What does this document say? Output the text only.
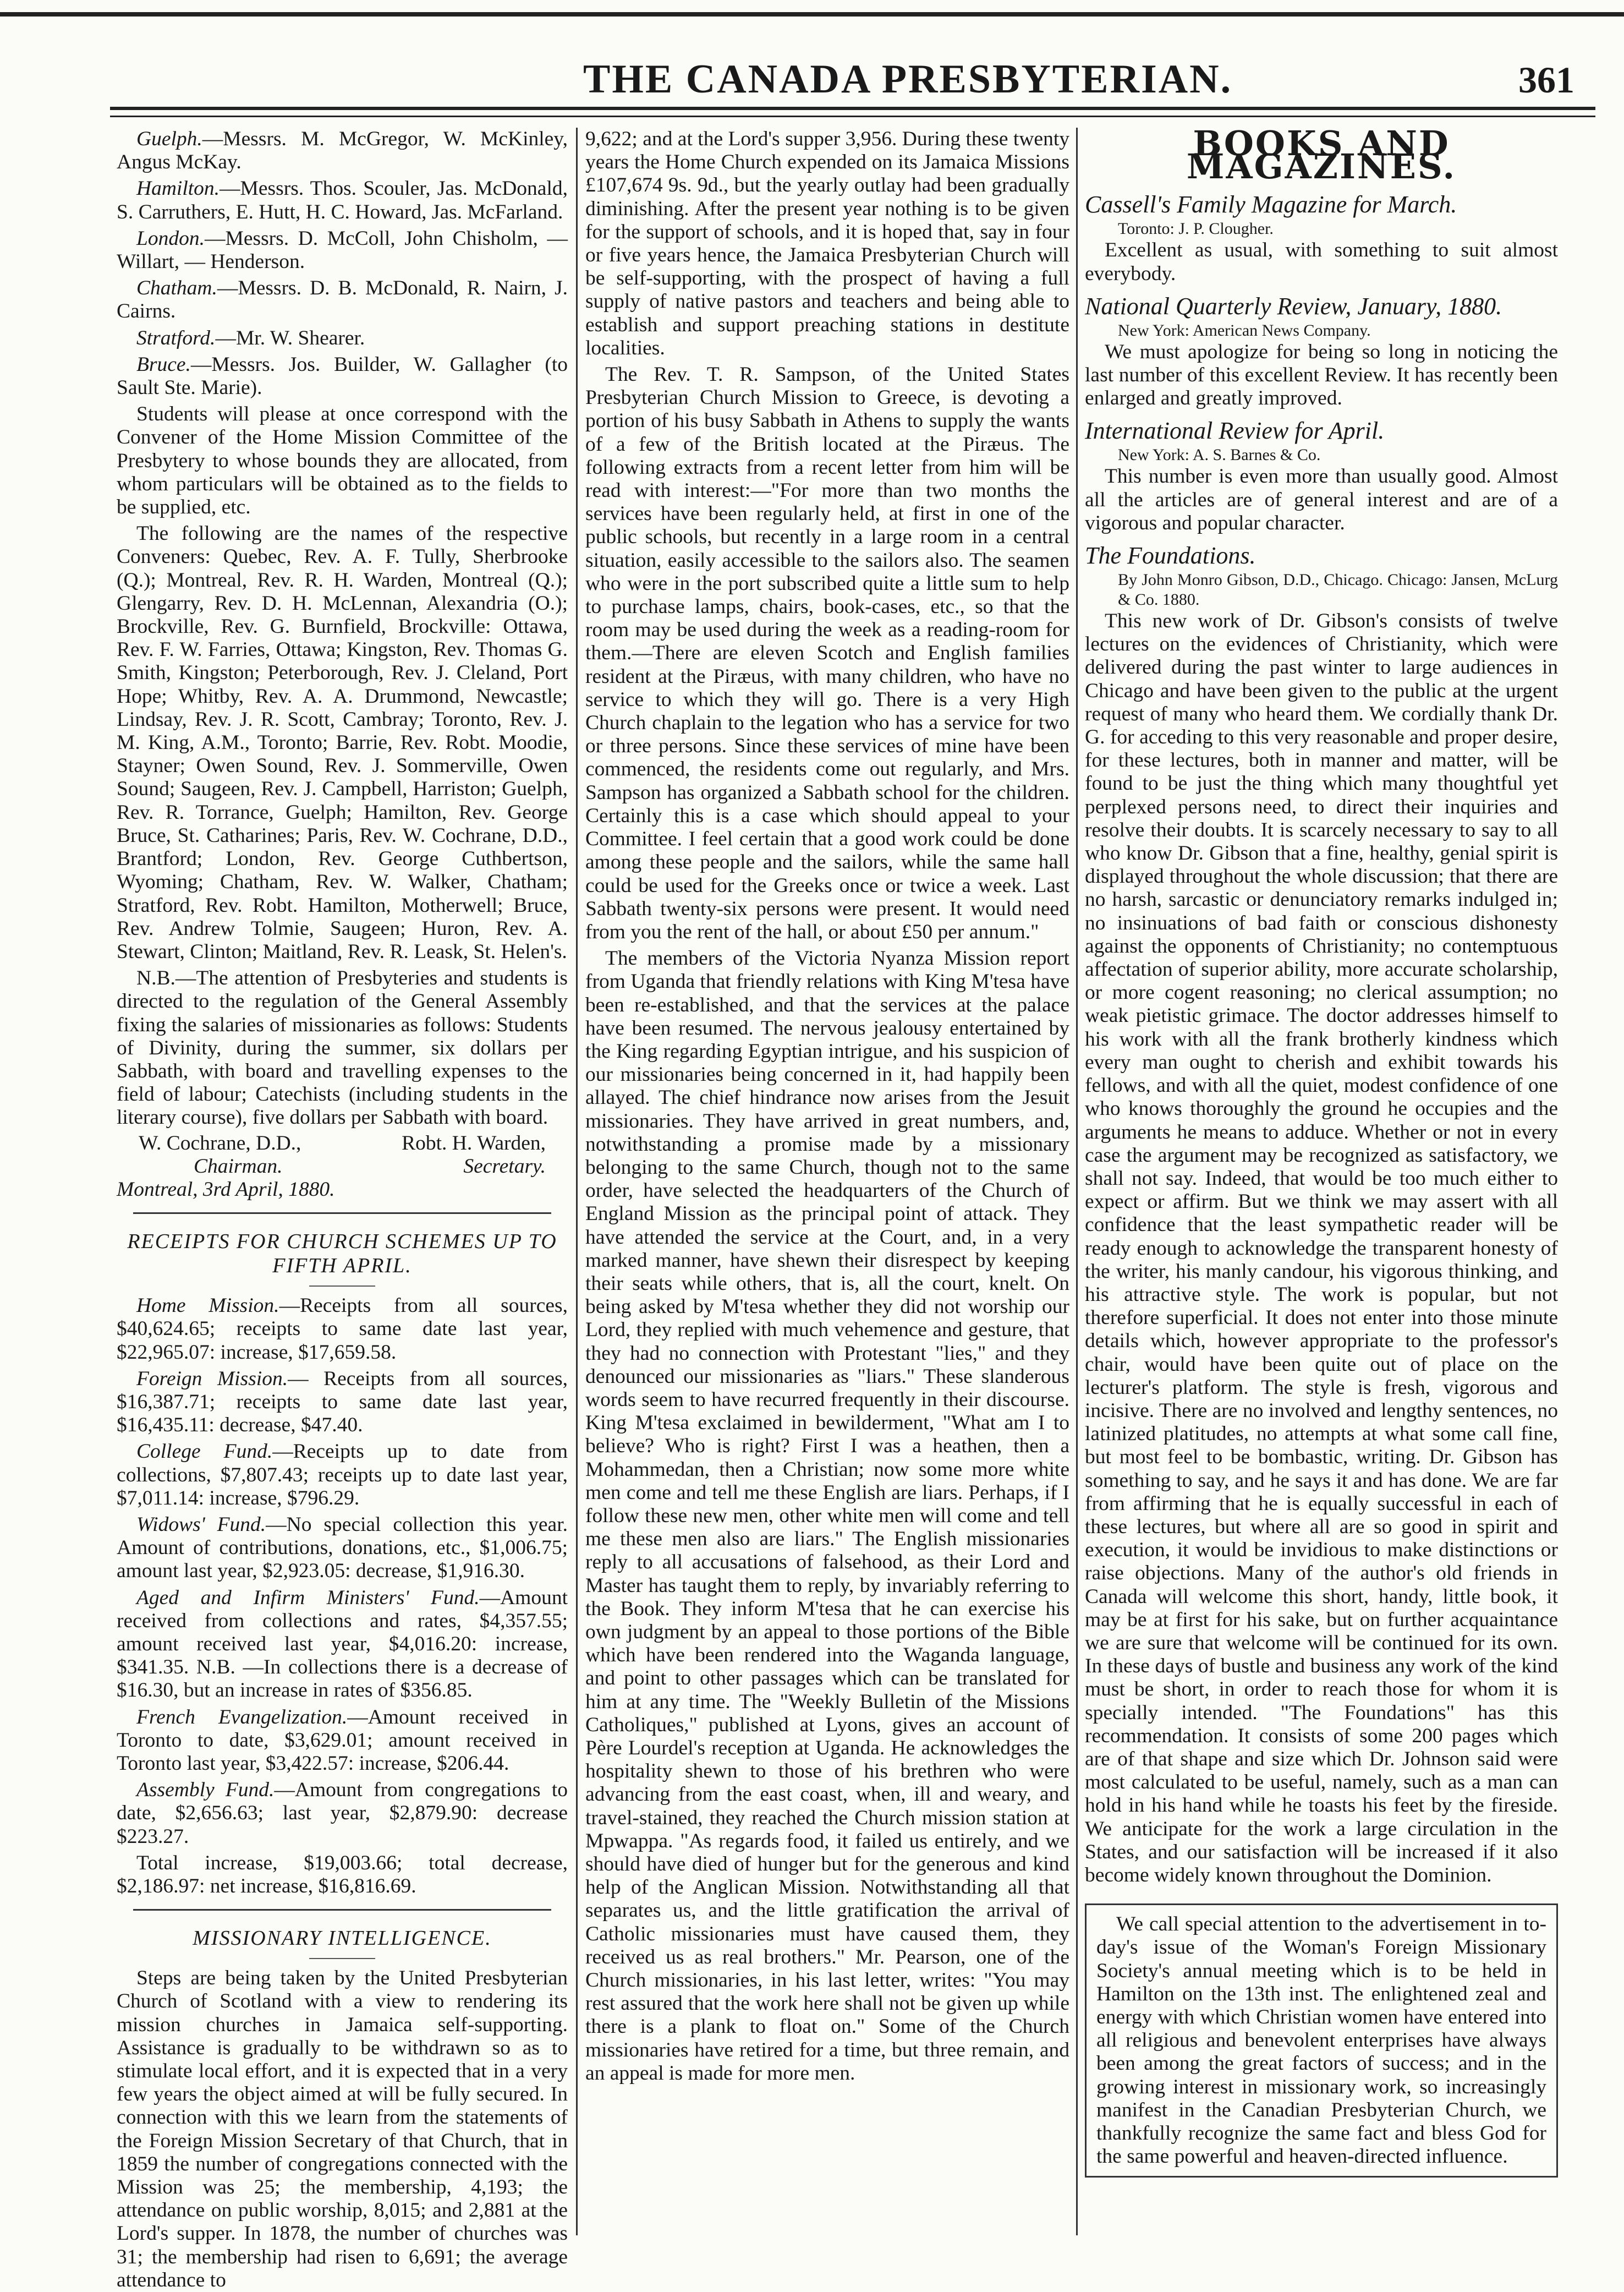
THE CANADA PRESBYTERIAN.	361

Guelph.—Messrs. M. McGregor, W. McKinley, Angus McKay.

Hamilton.—Messrs. Thos. Scouler, Jas. McDonald, S. Carruthers, E. Hutt, H. C. Howard, Jas. McFarland.

London.—Messrs. D. McColl, John Chisholm, — Willart, — Henderson.

Chatham.—Messrs. D. B. McDonald, R. Nairn, J. Cairns.

Stratford.—Mr. W. Shearer.

Bruce.—Messrs. Jos. Builder, W. Gallagher (to Sault Ste. Marie).

Students will please at once correspond with the Convener of the Home Mission Committee of the Presbytery to whose bounds they are allocated, from whom particulars will be obtained as to the fields to be supplied, etc.

The following are the names of the respective Conveners: Quebec, Rev. A. F. Tully, Sherbrooke (Q.); Montreal, Rev. R. H. Warden, Montreal (Q.); Glengarry, Rev. D. H. McLennan, Alexandria (O.); Brockville, Rev. G. Burnfield, Brockville: Ottawa, Rev. F. W. Farries, Ottawa; Kingston, Rev. Thomas G. Smith, Kingston; Peterborough, Rev. J. Cleland, Port Hope; Whitby, Rev. A. A. Drummond, Newcastle; Lindsay, Rev. J. R. Scott, Cambray; Toronto, Rev. J. M. King, A.M., Toronto; Barrie, Rev. Robt. Moodie, Stayner; Owen Sound, Rev. J. Sommerville, Owen Sound; Saugeen, Rev. J. Campbell, Harriston; Guelph, Rev. R. Torrance, Guelph; Hamilton, Rev. George Bruce, St. Catharines; Paris, Rev. W. Cochrane, D.D., Brantford; London, Rev. George Cuthbertson, Wyoming; Chatham, Rev. W. Walker, Chatham; Stratford, Rev. Robt. Hamilton, Motherwell; Bruce, Rev. Andrew Tolmie, Saugeen; Huron, Rev. A. Stewart, Clinton; Maitland, Rev. R. Leask, St. Helen's.

N.B.—The attention of Presbyteries and students is directed to the regulation of the General Assembly fixing the salaries of missionaries as follows: Students of Divinity, during the summer, six dollars per Sabbath, with board and travelling expenses to the field of labour; Catechists (including students in the literary course), five dollars per Sabbath with board.

W. Cochrane, D.D.,	Robt. H. Warden,
Chairman.	Secretary.

Montreal, 3rd April, 1880.

RECEIPTS FOR CHURCH SCHEMES UP TO FIFTH APRIL.

Home Mission.—Receipts from all sources, $40,624.65; receipts to same date last year, $22,965.07: increase, $17,659.58.

Foreign Mission.— Receipts from all sources, $16,387.71; receipts to same date last year, $16,435.11: decrease, $47.40.

College Fund.—Receipts up to date from collections, $7,807.43; receipts up to date last year, $7,011.14: increase, $796.29.

Widows' Fund.—No special collection this year. Amount of contributions, donations, etc., $1,006.75; amount last year, $2,923.05: decrease, $1,916.30.

Aged and Infirm Ministers' Fund.—Amount received from collections and rates, $4,357.55; amount received last year, $4,016.20: increase, $341.35. N.B. —In collections there is a decrease of $16.30, but an increase in rates of $356.85.

French Evangelization.—Amount received in Toronto to date, $3,629.01; amount received in Toronto last year, $3,422.57: increase, $206.44.

Assembly Fund.—Amount from congregations to date, $2,656.63; last year, $2,879.90: decrease $223.27.

Total increase, $19,003.66; total decrease, $2,186.97: net increase, $16,816.69.

MISSIONARY INTELLIGENCE.

Steps are being taken by the United Presbyterian Church of Scotland with a view to rendering its mission churches in Jamaica self-supporting. Assistance is gradually to be withdrawn so as to stimulate local effort, and it is expected that in a very few years the object aimed at will be fully secured. In connection with this we learn from the statements of the Foreign Mission Secretary of that Church, that in 1859 the number of congregations connected with the Mission was 25; the membership, 4,193; the attendance on public worship, 8,015; and 2,881 at the Lord's supper. In 1878, the number of churches was 31; the membership had risen to 6,691; the average attendance to

9,622; and at the Lord's supper 3,956. During these twenty years the Home Church expended on its Jamaica Missions £107,674 9s. 9d., but the yearly outlay had been gradually diminishing. After the present year nothing is to be given for the support of schools, and it is hoped that, say in four or five years hence, the Jamaica Presbyterian Church will be self-supporting, with the prospect of having a full supply of native pastors and teachers and being able to establish and support preaching stations in destitute localities.

The Rev. T. R. Sampson, of the United States Presbyterian Church Mission to Greece, is devoting a portion of his busy Sabbath in Athens to supply the wants of a few of the British located at the Piræus. The following extracts from a recent letter from him will be read with interest:—"For more than two months the services have been regularly held, at first in one of the public schools, but recently in a large room in a central situation, easily accessible to the sailors also. The seamen who were in the port subscribed quite a little sum to help to purchase lamps, chairs, book-cases, etc., so that the room may be used during the week as a reading-room for them.—There are eleven Scotch and English families resident at the Piræus, with many children, who have no service to which they will go. There is a very High Church chaplain to the legation who has a service for two or three persons. Since these services of mine have been commenced, the residents come out regularly, and Mrs. Sampson has organized a Sabbath school for the children. Certainly this is a case which should appeal to your Committee. I feel certain that a good work could be done among these people and the sailors, while the same hall could be used for the Greeks once or twice a week. Last Sabbath twenty-six persons were present. It would need from you the rent of the hall, or about £50 per annum."

The members of the Victoria Nyanza Mission report from Uganda that friendly relations with King M'tesa have been re-established, and that the services at the palace have been resumed. The nervous jealousy entertained by the King regarding Egyptian intrigue, and his suspicion of our missionaries being concerned in it, had happily been allayed. The chief hindrance now arises from the Jesuit missionaries. They have arrived in great numbers, and, notwithstanding a promise made by a missionary belonging to the same Church, though not to the same order, have selected the headquarters of the Church of England Mission as the principal point of attack. They have attended the service at the Court, and, in a very marked manner, have shewn their disrespect by keeping their seats while others, that is, all the court, knelt. On being asked by M'tesa whether they did not worship our Lord, they replied with much vehemence and gesture, that they had no connection with Protestant "lies," and they denounced our missionaries as "liars." These slanderous words seem to have recurred frequently in their discourse. King M'tesa exclaimed in bewilderment, "What am I to believe? Who is right? First I was a heathen, then a Mohammedan, then a Christian; now some more white men come and tell me these English are liars. Perhaps, if I follow these new men, other white men will come and tell me these men also are liars." The English missionaries reply to all accusations of falsehood, as their Lord and Master has taught them to reply, by invariably referring to the Book. They inform M'tesa that he can exercise his own judgment by an appeal to those portions of the Bible which have been rendered into the Waganda language, and point to other passages which can be translated for him at any time. The "Weekly Bulletin of the Missions Catholiques," published at Lyons, gives an account of Père Lourdel's reception at Uganda. He acknowledges the hospitality shewn to those of his brethren who were advancing from the east coast, when, ill and weary, and travel-stained, they reached the Church mission station at Mpwappa. "As regards food, it failed us entirely, and we should have died of hunger but for the generous and kind help of the Anglican Mission. Notwithstanding all that separates us, and the little gratification the arrival of Catholic missionaries must have caused them, they received us as real brothers." Mr. Pearson, one of the Church missionaries, in his last letter, writes: "You may rest assured that the work here shall not be given up while there is a plank to float on." Some of the Church missionaries have retired for a time, but three remain, and an appeal is made for more men.

BOOKS AND MAGAZINES.
Cassell's Family Magazine for March.
Toronto: J. P. Clougher.

Excellent as usual, with something to suit almost everybody.

National Quarterly Review, January, 1880.
New York: American News Company.

We must apologize for being so long in noticing the last number of this excellent Review. It has recently been enlarged and greatly improved.

International Review for April.
New York: A. S. Barnes & Co.

This number is even more than usually good. Almost all the articles are of general interest and are of a vigorous and popular character.

The Foundations.
By John Monro Gibson, D.D., Chicago. Chicago: Jansen, McLurg & Co. 1880.

This new work of Dr. Gibson's consists of twelve lectures on the evidences of Christianity, which were delivered during the past winter to large audiences in Chicago and have been given to the public at the urgent request of many who heard them. We cordially thank Dr. G. for acceding to this very reasonable and proper desire, for these lectures, both in manner and matter, will be found to be just the thing which many thoughtful yet perplexed persons need, to direct their inquiries and resolve their doubts. It is scarcely necessary to say to all who know Dr. Gibson that a fine, healthy, genial spirit is displayed throughout the whole discussion; that there are no harsh, sarcastic or denunciatory remarks indulged in; no insinuations of bad faith or conscious dishonesty against the opponents of Christianity; no contemptuous affectation of superior ability, more accurate scholarship, or more cogent reasoning; no clerical assumption; no weak pietistic grimace. The doctor addresses himself to his work with all the frank brotherly kindness which every man ought to cherish and exhibit towards his fellows, and with all the quiet, modest confidence of one who knows thoroughly the ground he occupies and the arguments he means to adduce. Whether or not in every case the argument may be recognized as satisfactory, we shall not say. Indeed, that would be too much either to expect or affirm. But we think we may assert with all confidence that the least sympathetic reader will be ready enough to acknowledge the transparent honesty of the writer, his manly candour, his vigorous thinking, and his attractive style. The work is popular, but not therefore superficial. It does not enter into those minute details which, however appropriate to the professor's chair, would have been quite out of place on the lecturer's platform. The style is fresh, vigorous and incisive. There are no involved and lengthy sentences, no latinized platitudes, no attempts at what some call fine, but most feel to be bombastic, writing. Dr. Gibson has something to say, and he says it and has done. We are far from affirming that he is equally successful in each of these lectures, but where all are so good in spirit and execution, it would be invidious to make distinctions or raise objections. Many of the author's old friends in Canada will welcome this short, handy, little book, it may be at first for his sake, but on further acquaintance we are sure that welcome will be continued for its own. In these days of bustle and business any work of the kind must be short, in order to reach those for whom it is specially intended. "The Foundations" has this recommendation. It consists of some 200 pages which are of that shape and size which Dr. Johnson said were most calculated to be useful, namely, such as a man can hold in his hand while he toasts his feet by the fireside. We anticipate for the work a large circulation in the States, and our satisfaction will be increased if it also become widely known throughout the Dominion.

We call special attention to the advertisement in to-day's issue of the Woman's Foreign Missionary Society's annual meeting which is to be held in Hamilton on the 13th inst. The enlightened zeal and energy with which Christian women have entered into all religious and benevolent enterprises have always been among the great factors of success; and in the growing interest in missionary work, so increasingly manifest in the Canadian Presbyterian Church, we thankfully recognize the same fact and bless God for the same powerful and heaven-directed influence.
